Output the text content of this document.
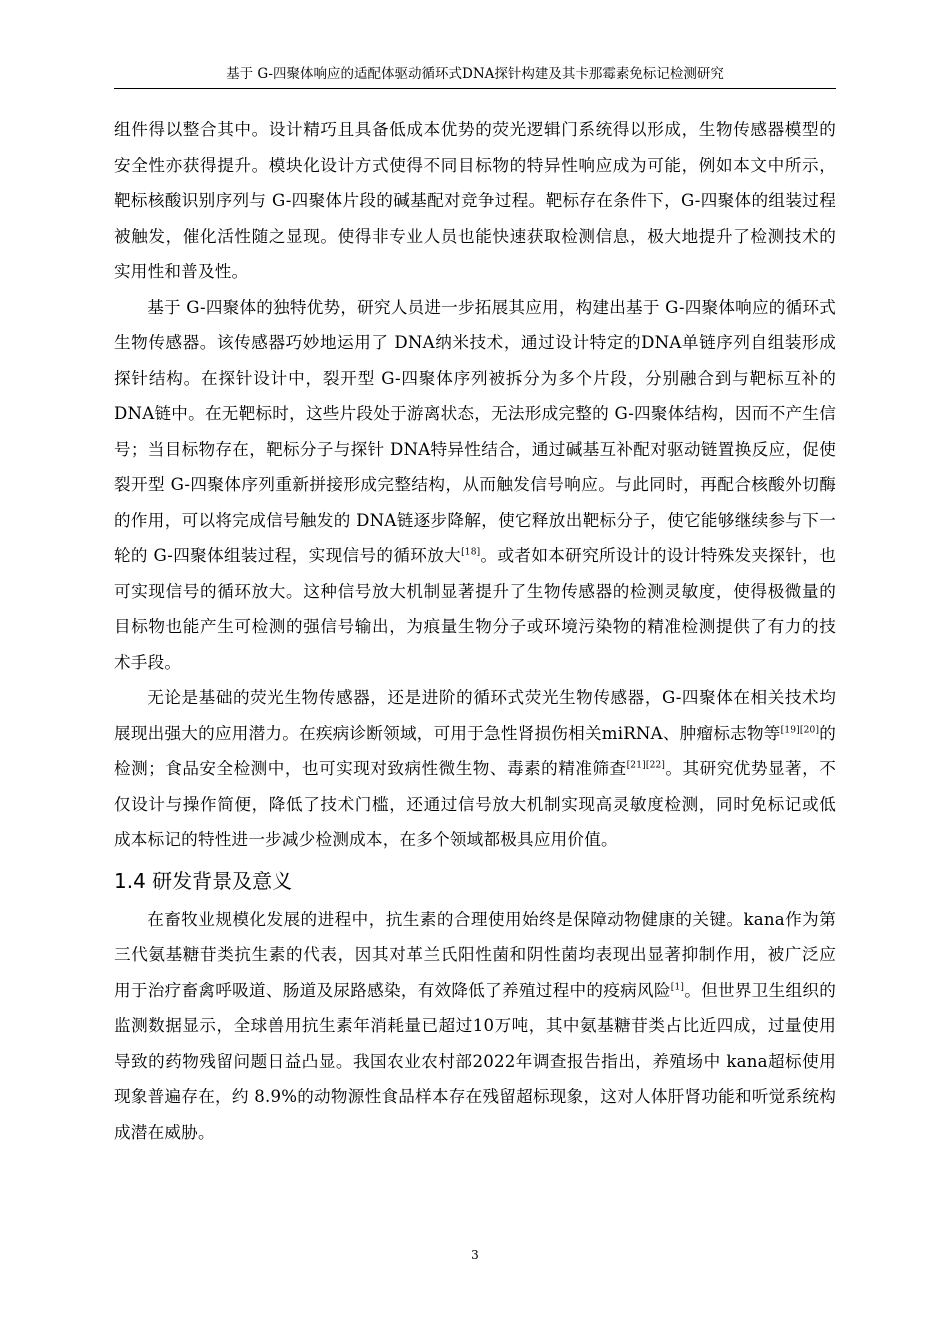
基于 G-四聚体响应的适配体驱动循环式DNA探针构建及其卡那霉素免标记检测研究

组件得以整合其中。设计精巧且具备低成本优势的荧光逻辑门系统得以形成，生物传感器模型的安全性亦获得提升。模块化设计方式使得不同目标物的特异性响应成为可能，例如本文中所示，靶标核酸识别序列与 G-四聚体片段的碱基配对竞争过程。靶标存在条件下，G-四聚体的组装过程被触发，催化活性随之显现。使得非专业人员也能快速获取检测信息，极大地提升了检测技术的实用性和普及性。

基于 G-四聚体的独特优势，研究人员进一步拓展其应用，构建出基于 G-四聚体响应的循环式生物传感器。该传感器巧妙地运用了 DNA纳米技术，通过设计特定的DNA单链序列自组装形成探针结构。在探针设计中，裂开型 G-四聚体序列被拆分为多个片段，分别融合到与靶标互补的 DNA链中。在无靶标时，这些片段处于游离状态，无法形成完整的 G-四聚体结构，因而不产生信号；当目标物存在，靶标分子与探针 DNA特异性结合，通过碱基互补配对驱动链置换反应，促使裂开型 G-四聚体序列重新拼接形成完整结构，从而触发信号响应。与此同时，再配合核酸外切酶的作用，可以将完成信号触发的 DNA链逐步降解，使它释放出靶标分子，使它能够继续参与下一轮的 G-四聚体组装过程，实现信号的循环放大[18]。或者如本研究所设计的设计特殊发夹探针，也可实现信号的循环放大。这种信号放大机制显著提升了生物传感器的检测灵敏度，使得极微量的目标物也能产生可检测的强信号输出，为痕量生物分子或环境污染物的精准检测提供了有力的技术手段。

无论是基础的荧光生物传感器，还是进阶的循环式荧光生物传感器，G-四聚体在相关技术均展现出强大的应用潜力。在疾病诊断领域，可用于急性肾损伤相关miRNA、肿瘤标志物等[19][20]的检测；食品安全检测中，也可实现对致病性微生物、毒素的精准筛查[21][22]。其研究优势显著，不仅设计与操作简便，降低了技术门槛，还通过信号放大机制实现高灵敏度检测，同时免标记或低成本标记的特性进一步减少检测成本，在多个领域都极具应用价值。

1.4 研发背景及意义

在畜牧业规模化发展的进程中，抗生素的合理使用始终是保障动物健康的关键。kana作为第三代氨基糖苷类抗生素的代表，因其对革兰氏阳性菌和阴性菌均表现出显著抑制作用，被广泛应用于治疗畜禽呼吸道、肠道及尿路感染，有效降低了养殖过程中的疫病风险[1]。但世界卫生组织的监测数据显示，全球兽用抗生素年消耗量已超过10万吨，其中氨基糖苷类占比近四成，过量使用导致的药物残留问题日益凸显。我国农业农村部2022年调查报告指出，养殖场中 kana超标使用现象普遍存在，约 8.9%的动物源性食品样本存在残留超标现象，这对人体肝肾功能和听觉系统构成潜在威胁。

3
